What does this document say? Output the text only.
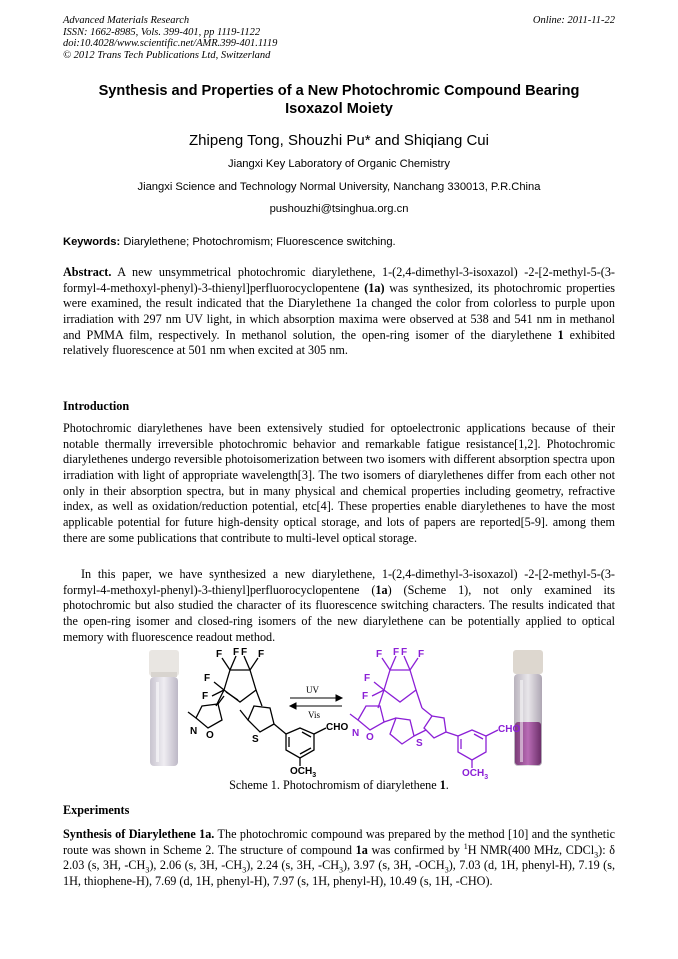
Advanced Materials Research
ISSN: 1662-8985, Vols. 399-401, pp 1119-1122
doi:10.4028/www.scientific.net/AMR.399-401.1119
© 2012 Trans Tech Publications Ltd, Switzerland
Online: 2011-11-22
Synthesis and Properties of a New Photochromic Compound Bearing
Isoxazol Moiety
Zhipeng Tong, Shouzhi Pu* and Shiqiang Cui
Jiangxi Key Laboratory of Organic Chemistry
Jiangxi Science and Technology Normal University, Nanchang 330013, P.R.China
pushouzhi@tsinghua.org.cn
Keywords: Diarylethene; Photochromism; Fluorescence switching.

Abstract. A new unsymmetrical photochromic diarylethene, 1-(2,4-dimethyl-3-isoxazol) -2-[2-methyl-5-(3-formyl-4-methoxyl-phenyl)-3-thienyl]perfluorocyclopentene (1a) was synthesized, its photochromic properties were examined, the result indicated that the Diarylethene 1a changed the color from colorless to purple upon irradiation with 297 nm UV light, in which absorption maxima were observed at 538 and 541 nm in methanol and PMMA film, respectively. In methanol solution, the open-ring isomer of the diarylethene 1 exhibited relatively fluorescence at 501 nm when excited at 305 nm.

Introduction

Photochromic diarylethenes have been extensively studied for optoelectronic applications because of their notable thermally irreversible photochromic behavior and remarkable fatigue resistance[1,2]. Photochromic diarylethenes undergo reversible photoisomerization between two isomers with different absorption spectra upon irradiation with light of appropriate wavelength[3]. The two isomers of diarylethenes differ from each other not only in their absorption spectra, but in many physical and chemical properties including geometry, refractive index, as well as oxidation/reduction potential, etc[4]. These properties enable diarylethenes to have the most applicable potential for future high-density optical storage, and lots of papers are reported[5-9]. among them there are some publications that contribute to multi-level optical storage.

In this paper, we have synthesized a new diarylethene, 1-(2,4-dimethyl-3-isoxazol) -2-[2-methyl-5-(3-formyl-4-methoxyl-phenyl)-3-thienyl]perfluorocyclopentene (1a) (Scheme 1), not only examined its photochromic but also studied the character of its fluorescence switching characters. The results indicated that the open-ring isomer and closed-ring isomers of the new diarylethene can be potentially applied to optical memory with fluorescence readout method.

F F F F
F
F
N O	S
CHO
$OCH_3$
UV
Vis
F F F F
F
F
N O
S
CHO
$OCH_3$
Scheme 1. Photochromism of diarylethene 1.
Experiments

Synthesis of Diarylethene 1a. The photochromic compound was prepared by the method [10] and the synthetic route was shown in Scheme 2. The structure of compound 1a was confirmed by $^1$H NMR(400 MHz, CDCl$_3$): δ 2.03 (s, 3H, $-CH_3$), 2.06 (s, 3H, $-CH_3$), 2.24 (s, 3H, $-CH_3$), 3.97 (s, 3H, $-OCH_3$), 7.03 (d, 1H, phenyl-H), 7.19 (s, 1H, thiophene-H), 7.69 (d, 1H, phenyl-H), 7.97 (s, 1H, phenyl-H), 10.49 (s, 1H, -CHO).
